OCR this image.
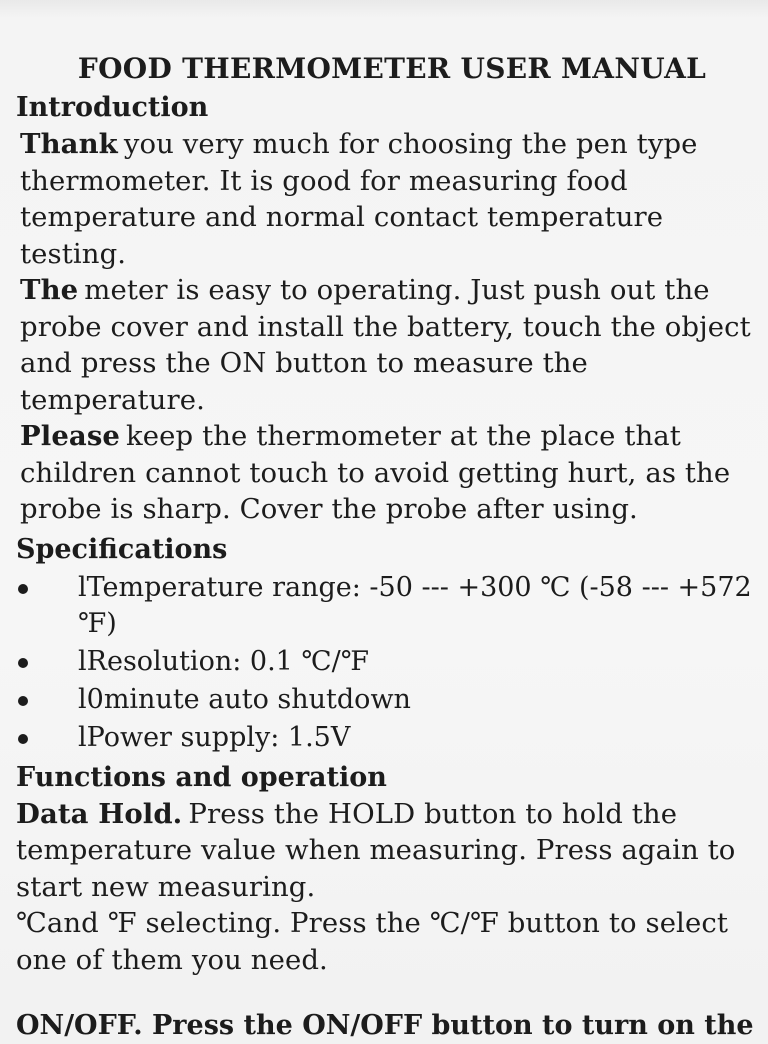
FOOD THERMOMETER USER MANUAL
Introduction

Thank you very much for choosing the pen type thermometer. It is good for measuring food temperature and normal contact temperature testing.

The meter is easy to operating. Just push out the probe cover and install the battery, touch the object and press the ON button to measure the temperature.

Please keep the thermometer at the place that children cannot touch to avoid getting hurt, as the probe is sharp. Cover the probe after using.

Specifications
lTemperature range: -50 --- +300 ℃ (-58 --- +572 ℉)
lResolution: 0.1 ℃/℉
l0minute auto shutdown
lPower supply: 1.5V
Functions and operation

Data Hold. Press the HOLD button to hold the temperature value when measuring. Press again to start new measuring.

℃and ℉ selecting. Press the ℃/℉ button to select one of them you need.

ON/OFF. Press the ON/OFF button to turn on the
